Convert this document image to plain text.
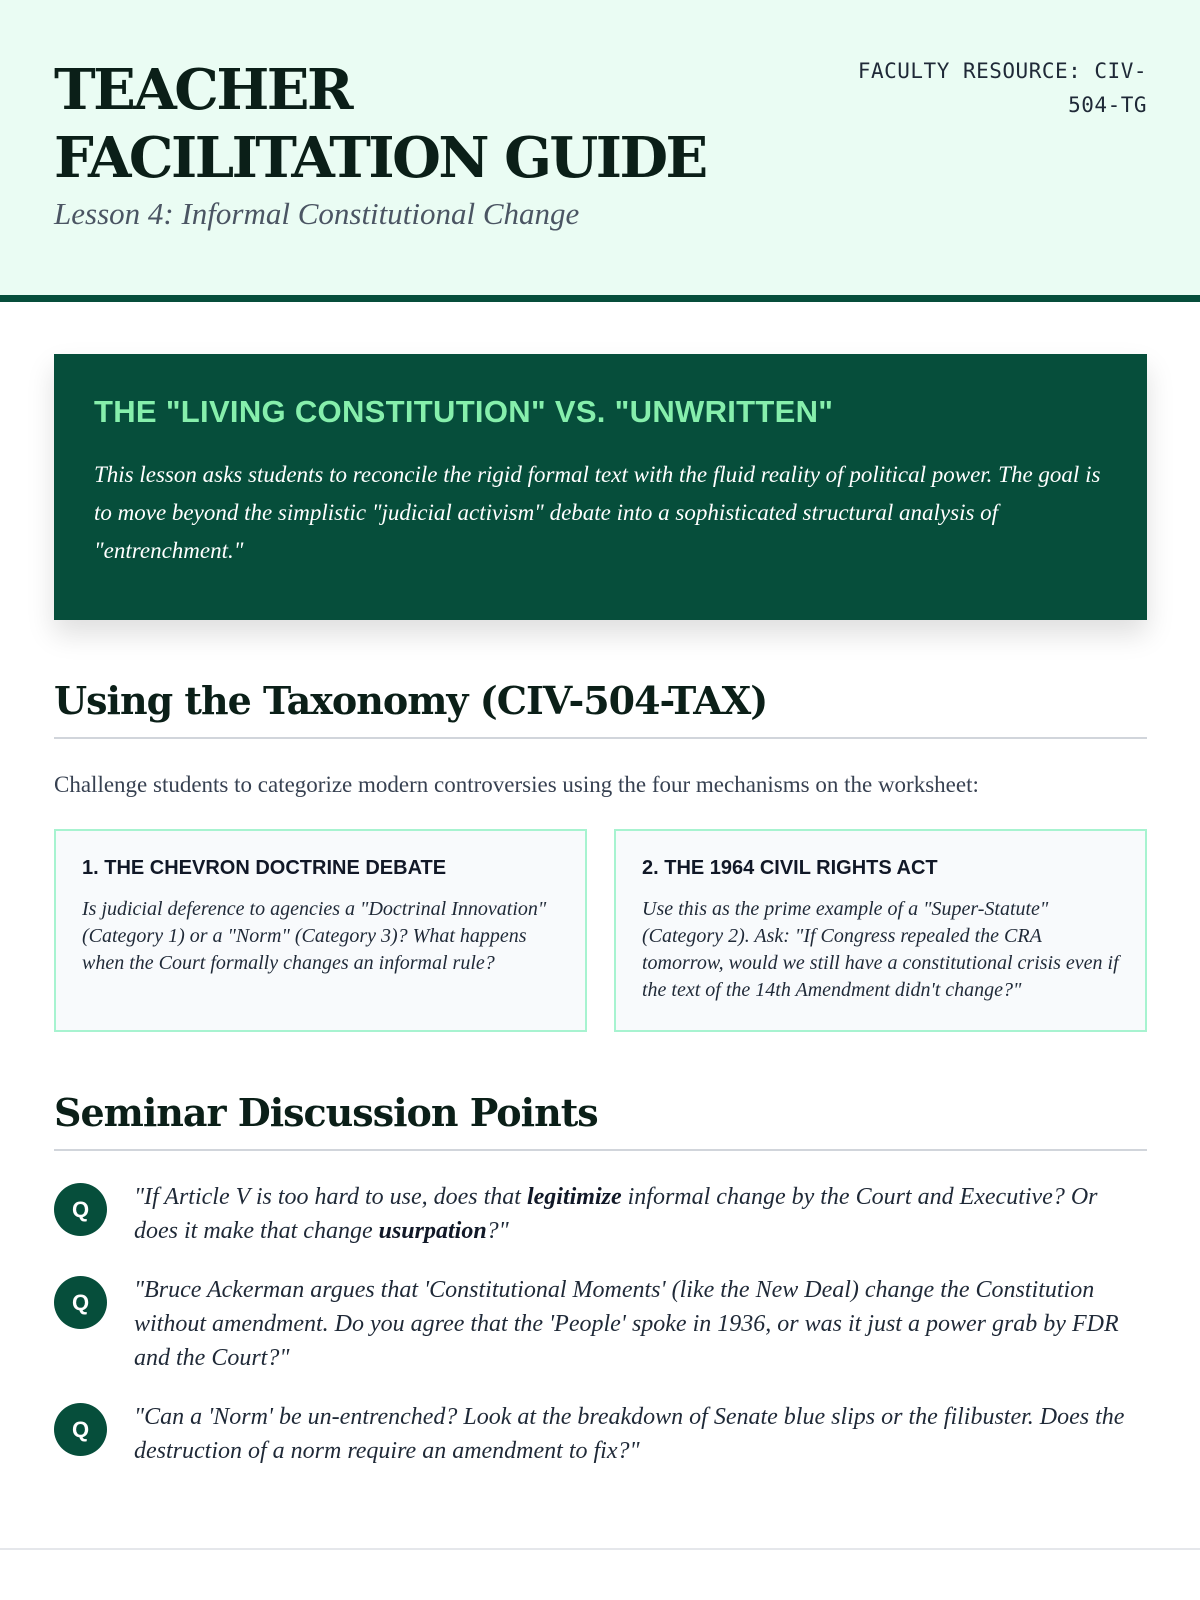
TEACHER FACILITATION GUIDE
Lesson 4: Informal Constitutional Change
FACULTY RESOURCE: CIV-504-TG
THE "LIVING CONSTITUTION" VS. "UNWRITTEN"

This lesson asks students to reconcile the rigid formal text with the fluid reality of political power. The goal is to move beyond the simplistic "judicial activism" debate into a sophisticated structural analysis of "entrenchment."

Using the Taxonomy (CIV-504-TAX)

Challenge students to categorize modern controversies using the four mechanisms on the worksheet:

1. THE CHEVRON DOCTRINE DEBATE

Is judicial deference to agencies a "Doctrinal Innovation" (Category 1) or a "Norm" (Category 3)? What happens when the Court formally changes an informal rule?

2. THE 1964 CIVIL RIGHTS ACT

Use this as the prime example of a "Super-Statute" (Category 2). Ask: "If Congress repealed the CRA tomorrow, would we still have a constitutional crisis even if the text of the 14th Amendment didn't change?"

Seminar Discussion Points
Q	"If Article V is too hard to use, does that legitimize informal change by the Court and Executive? Or does it make that change usurpation?"

Q	"Bruce Ackerman argues that 'Constitutional Moments' (like the New Deal) change the Constitution without amendment. Do you agree that the 'People' spoke in 1936, or was it just a power grab by FDR and the Court?"

Q	"Can a 'Norm' be un-entrenched? Look at the breakdown of Senate blue slips or the filibuster. Does the destruction of a norm require an amendment to fix?"
